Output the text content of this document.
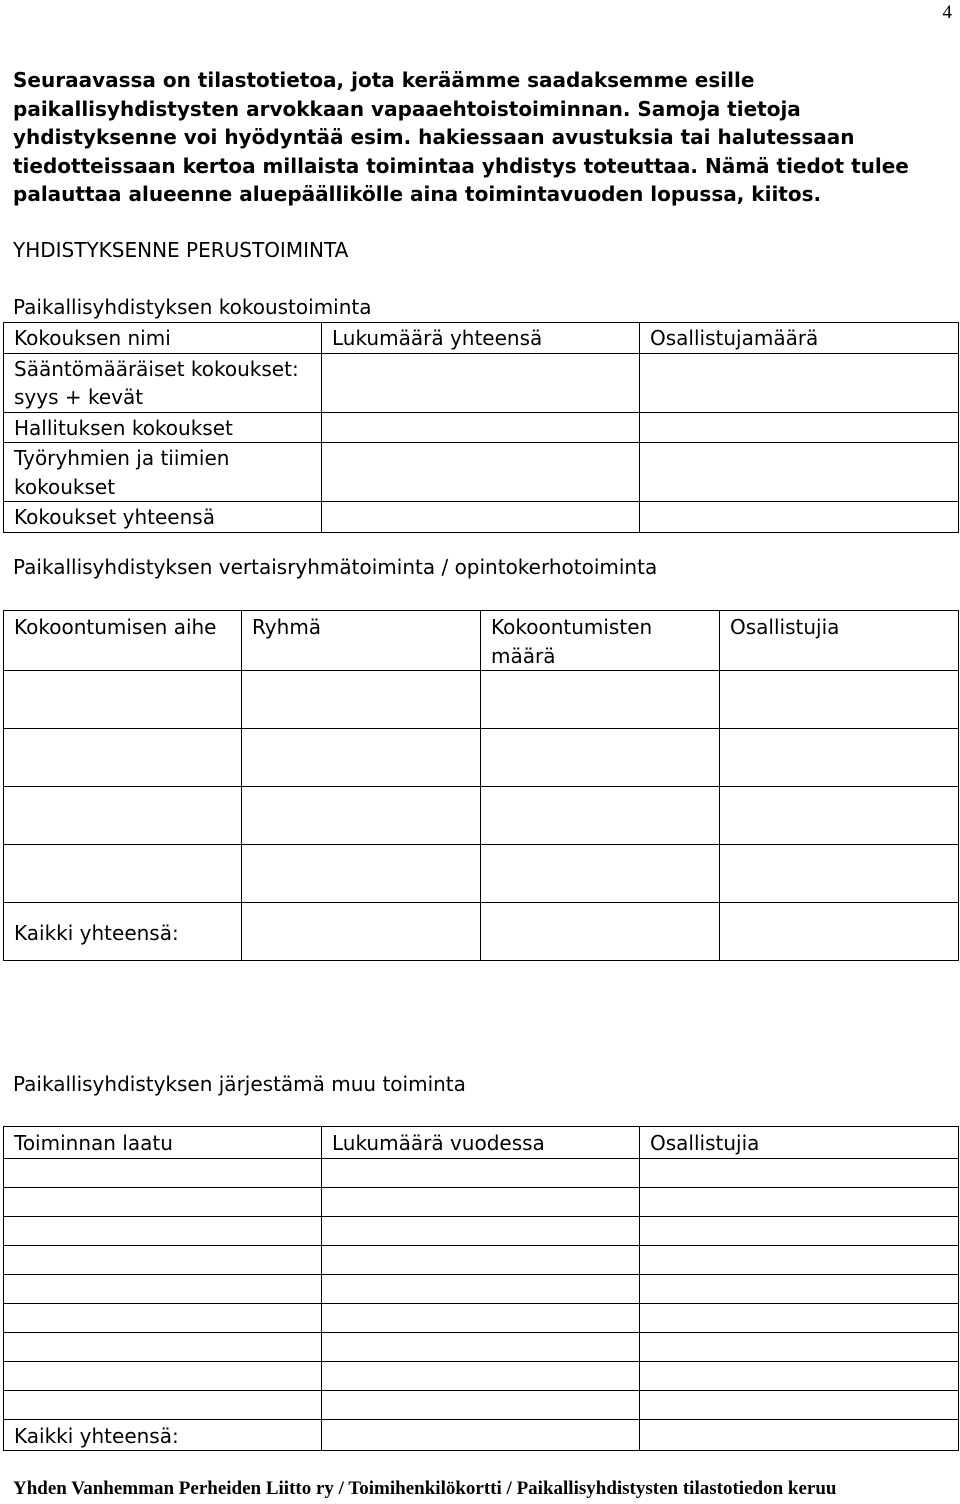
4
Seuraavassa on tilastotietoa, jota keräämme saadaksemme esille
paikallisyhdistysten arvokkaan vapaaehtoistoiminnan. Samoja tietoja
yhdistyksenne voi hyödyntää esim. hakiessaan avustuksia tai halutessaan
tiedotteissaan kertoa millaista toimintaa yhdistys toteuttaa. Nämä tiedot tulee
palauttaa alueenne aluepäällikölle aina toimintavuoden lopussa, kiitos.
YHDISTYKSENNE PERUSTOIMINTA
Paikallisyhdistyksen kokoustoiminta
Kokouksen nimi	Lukumäärä yhteensä	Osallistujamäärä
Sääntömääräiset kokoukset: syys + kevät		
Hallituksen kokoukset		
Työryhmien ja tiimien kokoukset		
Kokoukset yhteensä		
Paikallisyhdistyksen vertaisryhmätoiminta / opintokerhotoiminta
Kokoontumisen aihe	Ryhmä	Kokoontumisten määrä	Osallistujia

Kaikki yhteensä:			
Paikallisyhdistyksen järjestämä muu toiminta
Toiminnan laatu	Lukumäärä vuodessa	Osallistujia

Kaikki yhteensä:		
Yhden Vanhemman Perheiden Liitto ry / Toimihenkilökortti / Paikallisyhdistysten tilastotiedon keruu
